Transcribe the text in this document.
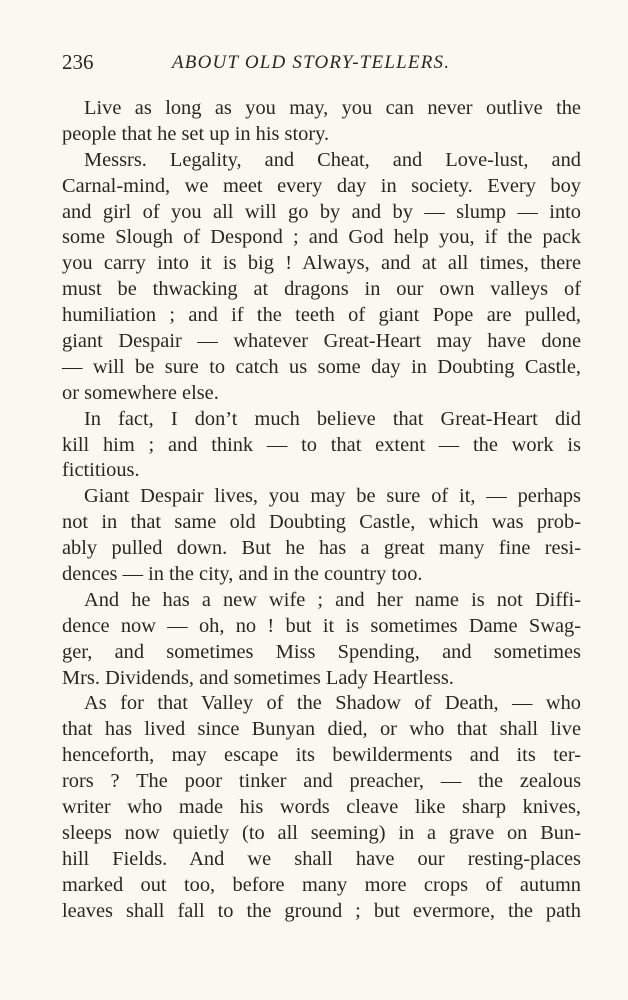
236	ABOUT OLD STORY-TELLERS.
Live as long as you may, you can never outlive the
people that he set up in his story.
Messrs. Legality, and Cheat, and Love-lust, and
Carnal-mind, we meet every day in society. Every boy
and girl of you all will go by and by — slump — into
some Slough of Despond ; and God help you, if the pack
you carry into it is big ! Always, and at all times, there
must be thwacking at dragons in our own valleys of
humiliation ; and if the teeth of giant Pope are pulled,
giant Despair — whatever Great-Heart may have done
— will be sure to catch us some day in Doubting Castle,
or somewhere else.
In fact, I don’t much believe that Great-Heart did
kill him ; and think — to that extent — the work is
fictitious.
Giant Despair lives, you may be sure of it, — perhaps
not in that same old Doubting Castle, which was prob-
ably pulled down. But he has a great many fine resi-
dences — in the city, and in the country too.
And he has a new wife ; and her name is not Diffi-
dence now — oh, no ! but it is sometimes Dame Swag-
ger, and sometimes Miss Spending, and sometimes
Mrs. Dividends, and sometimes Lady Heartless.
As for that Valley of the Shadow of Death, — who
that has lived since Bunyan died, or who that shall live
henceforth, may escape its bewilderments and its ter-
rors ? The poor tinker and preacher, — the zealous
writer who made his words cleave like sharp knives,
sleeps now quietly (to all seeming) in a grave on Bun-
hill Fields. And we shall have our resting-places
marked out too, before many more crops of autumn
leaves shall fall to the ground ; but evermore, the path
